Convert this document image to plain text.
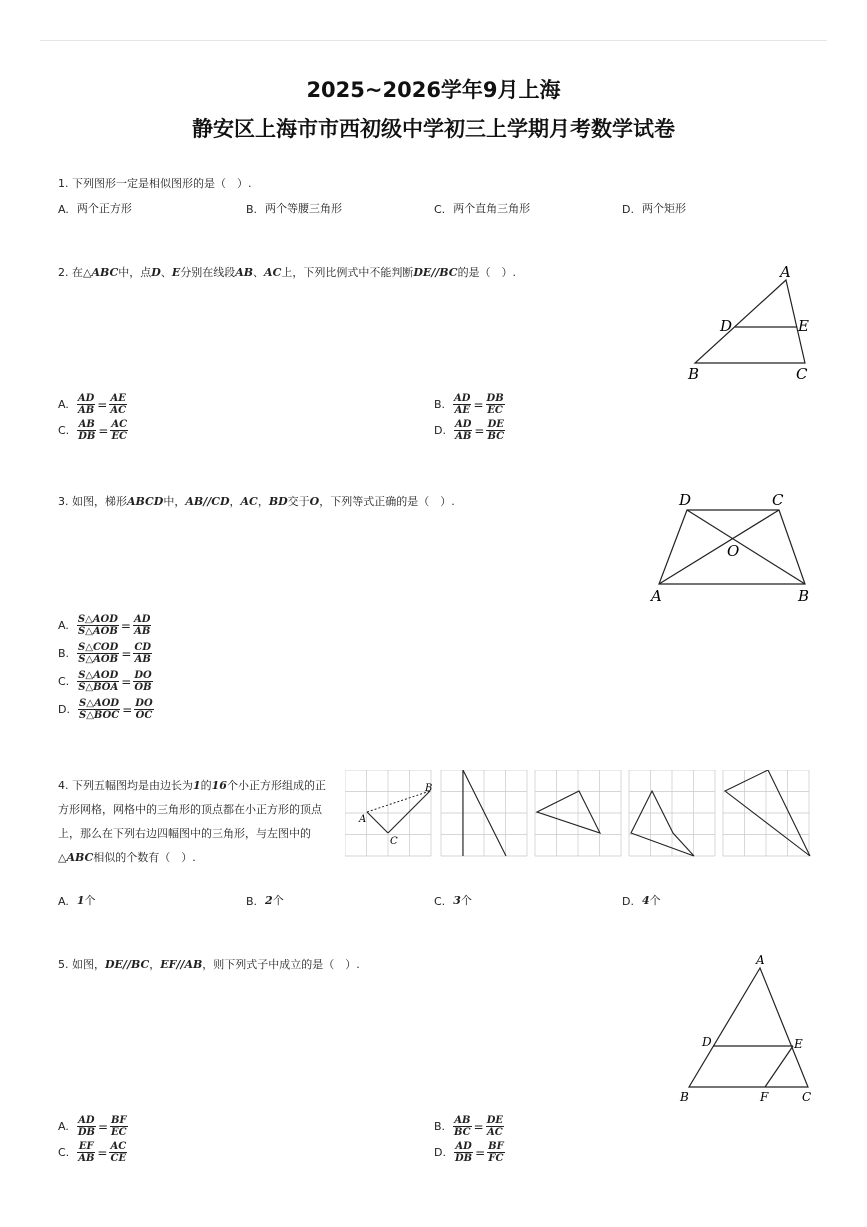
2025~2026学年9月上海
静安区上海市市西初级中学初三上学期月考数学试卷
1. 下列图形一定是相似图形的是（　）.
A. 两个正方形	B. 两个等腰三角形	C. 两个直角三角形	D. 两个矩形
2. 在△ABC中，点D、E分别在线段AB、AC上，下列比例式中不能判断DE//BC的是（　）.	A
D	E
B	C
A. $\frac{AD}{AB} = \frac{AE}{AC}$	B. $\frac{AD}{AE} = \frac{DB}{EC}$
C. $\frac{AB}{DB} = \frac{AC}{EC}$	D. $\frac{AD}{AB} = \frac{DE}{BC}$
3. 如图，梯形ABCD中，AB//CD，AC，BD交于O，下列等式正确的是（　）.	D	C
O
A	B
A. $\frac{\text{S△AOD}}{\text{S△AOB}} = \frac{AD}{AB}$
B. $\frac{\text{S△COD}}{\text{S△AOB}} = \frac{CD}{AB}$
C. $\frac{\text{S△AOD}}{\text{S△BOA}} = \frac{DO}{OB}$
D. $\frac{\text{S△AOD}}{\text{S△BOC}} = \frac{DO}{OC}$
4. 下列五幅图均是由边长为1的16个小正方形组成的正
方形网格，网格中的三角形的顶点都在小正方形的顶点
上，那么在下列右边四幅图中的三角形，与左图中的
△ABC相似的个数有（　）.
A
B
C
A. 1个	B. 2个	C. 3个	D. 4个
5. 如图，DE//BC，EF//AB，则下列式子中成立的是（　）.	A
D	E
B	F	C
A. $\frac{AD}{DB} = \frac{BF}{EC}$	B. $\frac{AB}{BC} = \frac{DE}{AC}$
C. $\frac{EF}{AB} = \frac{AC}{CE}$	D. $\frac{AD}{DB} = \frac{BF}{FC}$
